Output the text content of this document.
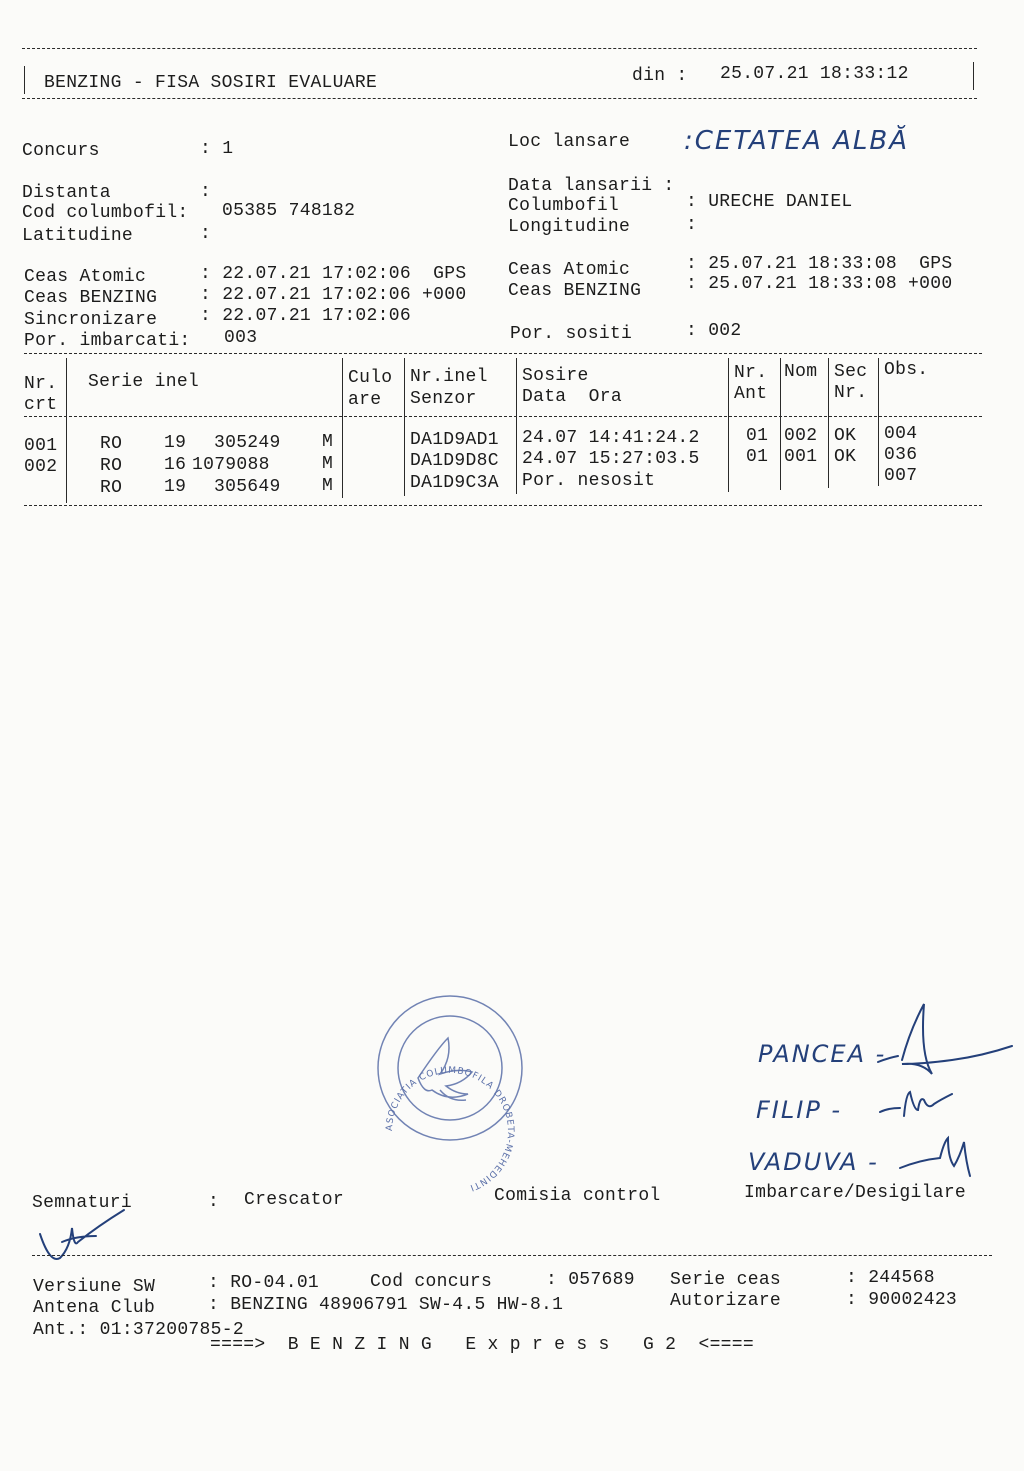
BENZING - FISA SOSIRI EVALUARE	din : 25.07.21 18:33:12
Concurs	: 1
Distanta	:
Cod columbofil: 05385 748182
Latitudine	:
Loc lansare :CETATEA ALBĂ
Data lansarii :
Columbofil	: URECHE DANIEL
Longitudine	:
Ceas Atomic	: 22.07.21 17:02:06  GPS
Ceas BENZING : 22.07.21 17:02:06 +000
Sincronizare : 22.07.21 17:02:06
Por. imbarcati: 003
Ceas Atomic	: 25.07.21 18:33:08  GPS
Ceas BENZING : 25.07.21 18:33:08 +000
Por. sositi	: 002
Nr.
crt
Serie inel	Culo
are
Nr.inel
Senzor
Sosire
Data  Ora
Nr.
Ant
Nom Sec
Nr.
Obs.
001 RO 19 305249 M	DA1D9AD1 24.07 14:41:24.2	01 002 OK 004
002 RO 16 1079088	M	DA1D9D8C 24.07 15:27:03.5	01 001 OK 036
RO 19 305649 M	DA1D9C3A Por. nesosit	007
ASOCIATIA COLUMBOFILA DROBETA-MEHEDINTI
PANCEA -
FILIP -
VADUVA -
Semnaturi	: Crescator	Comisia control	Imbarcare/Desigilare
Versiune SW	: RO-04.01	Cod concurs	: 057689 Serie ceas	: 244568
Antena Club	: BENZING 48906791 SW-4.5 HW-8.1	Autorizare	: 90002423
Ant.: 01:37200785-2
====>  B E N Z I N G   E x p r e s s   G 2  <====
